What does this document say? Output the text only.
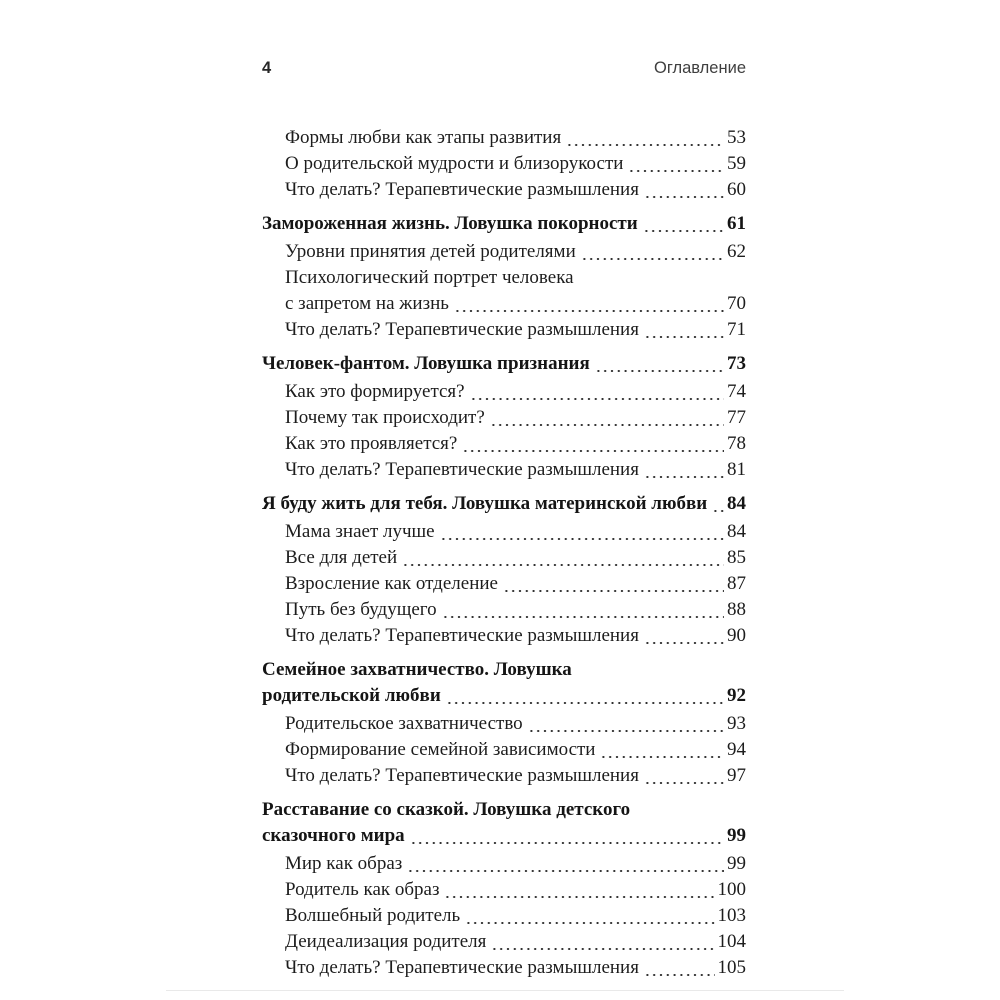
4	Оглавление
Формы любви как этапы развития	53
О родительской мудрости и близорукости	59
Что делать? Терапевтические размышления	60
Замороженная жизнь. Ловушка покорности	61
Уровни принятия детей родителями	62
Психологический портрет человека
с запретом на жизнь	70
Что делать? Терапевтические размышления	71
Человек-фантом. Ловушка признания	73
Как это формируется?	74
Почему так происходит?	77
Как это проявляется?	78
Что делать? Терапевтические размышления	81
Я буду жить для тебя. Ловушка материнской любви 84
Мама знает лучше	84
Все для детей	85
Взросление как отделение	87
Путь без будущего	88
Что делать? Терапевтические размышления	90
Семейное захватничество. Ловушка
родительской любви	92
Родительское захватничество	93
Формирование семейной зависимости	94
Что делать? Терапевтические размышления	97
Расставание со сказкой. Ловушка детского
сказочного мира	99
Мир как образ	99
Родитель как образ	100
Волшебный родитель	103
Деидеализация родителя	104
Что делать? Терапевтические размышления	105
